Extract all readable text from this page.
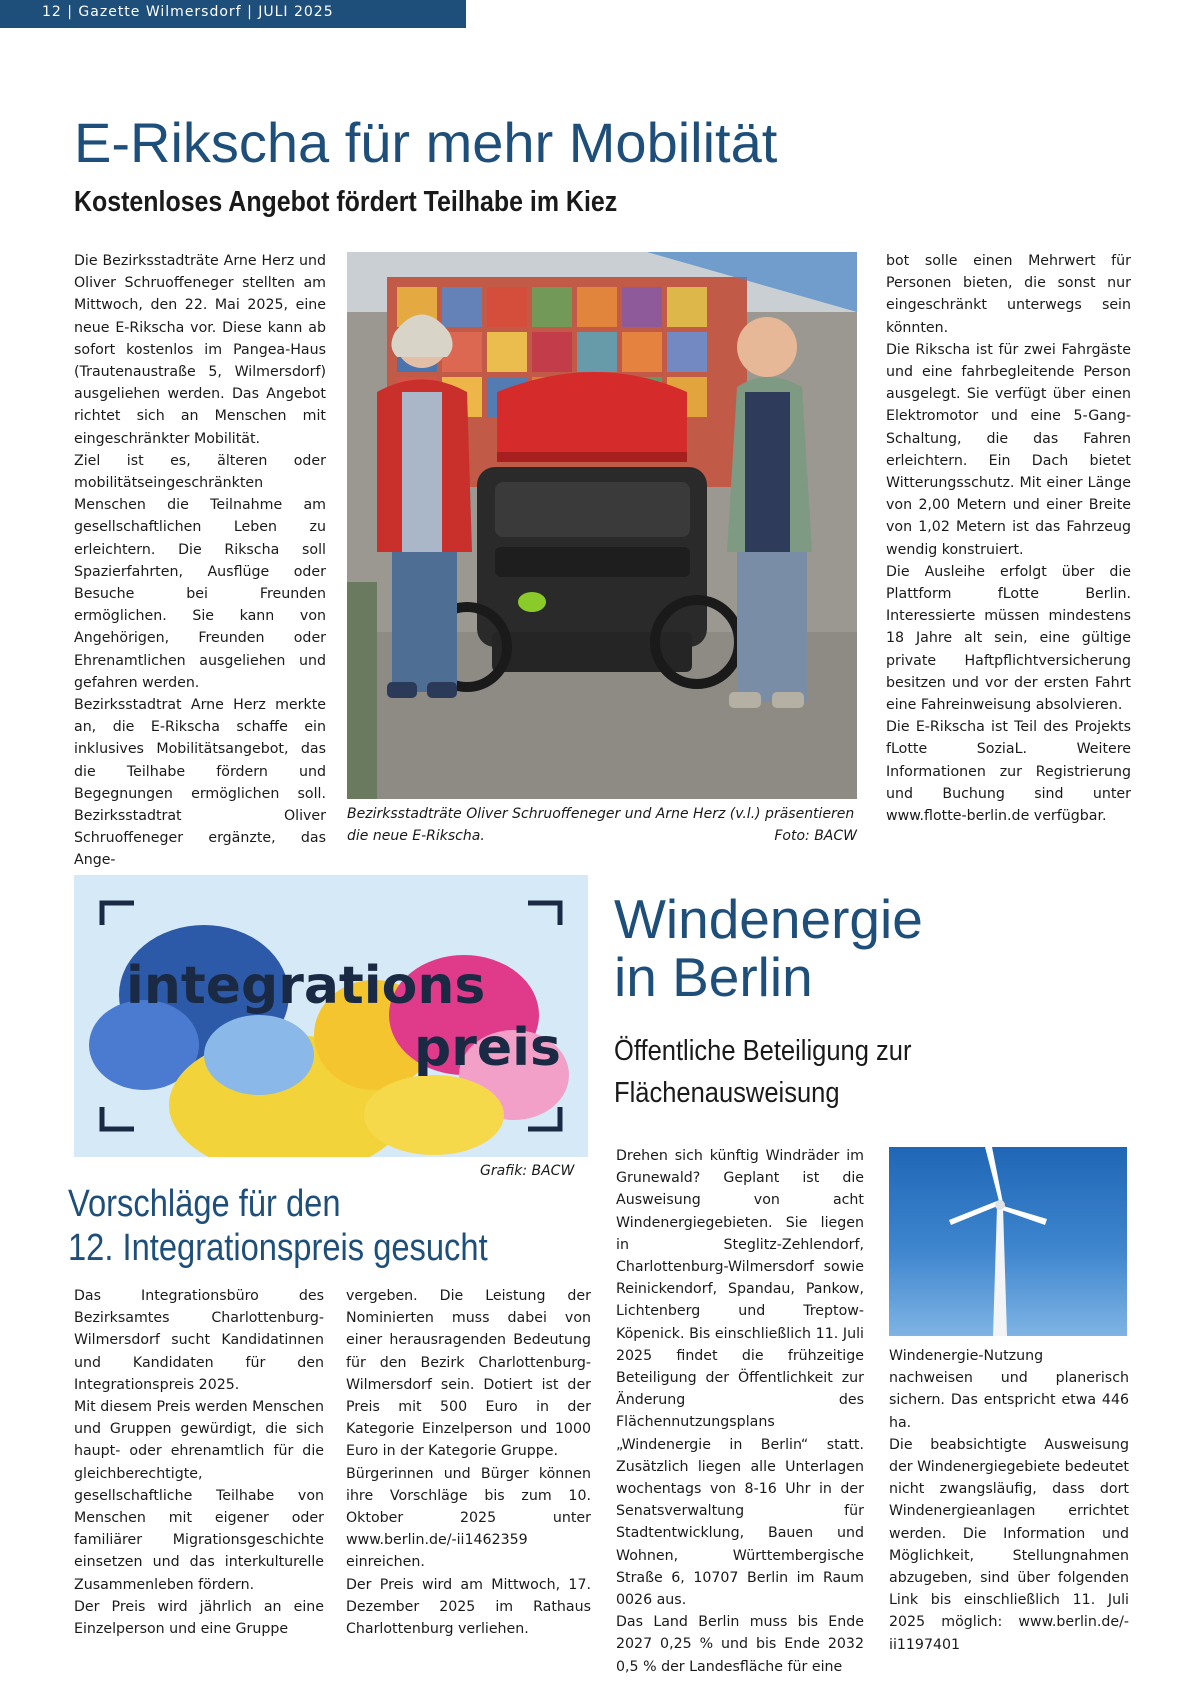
12 | Gazette Wilmersdorf | JULI 2025
E-Rikscha für mehr Mobilität
Kostenloses Angebot fördert Teilhabe im Kiez

Die Bezirksstadträte Arne Herz und Oliver Schruoffeneger stellten am Mittwoch, den 22. Mai 2025, eine neue E-Rikscha vor. Diese kann ab sofort kostenlos im Pangea-Haus (Trautenaustraße 5, Wilmersdorf) ausgeliehen werden. Das Angebot richtet sich an Menschen mit eingeschränkter Mobilität.

Ziel ist es, älteren oder mobilitätseingeschränkten Menschen die Teilnahme am gesellschaftlichen Leben zu erleichtern. Die Rikscha soll Spazierfahrten, Ausflüge oder Besuche bei Freunden ermöglichen. Sie kann von Angehörigen, Freunden oder Ehrenamtlichen ausgeliehen und gefahren werden.

Bezirksstadtrat Arne Herz merkte an, die E-Rikscha schaffe ein inklusives Mobilitätsangebot, das die Teilhabe fördern und Begegnungen ermöglichen soll. Bezirksstadtrat Oliver Schruoffeneger ergänzte, das Ange-

Bezirksstadträte Oliver Schruoffeneger und Arne Herz (v.l.) präsentieren die neue E-Rikscha.	Foto: BACW

bot solle einen Mehrwert für Personen bieten, die sonst nur eingeschränkt unterwegs sein könnten.

Die Rikscha ist für zwei Fahrgäste und eine fahrbegleitende Person ausgelegt. Sie verfügt über einen Elektromotor und eine 5-Gang-Schaltung, die das Fahren erleichtern. Ein Dach bietet Witterungsschutz. Mit einer Länge von 2,00 Metern und einer Breite von 1,02 Metern ist das Fahrzeug wendig konstruiert.

Die Ausleihe erfolgt über die Plattform fLotte Berlin. Interessierte müssen mindestens 18 Jahre alt sein, eine gültige private Haftpflichtversicherung besitzen und vor der ersten Fahrt eine Fahreinweisung absolvieren.

Die E-Rikscha ist Teil des Projekts fLotte SoziaL. Weitere Informationen zur Registrierung und Buchung sind unter www.flotte-berlin.de verfügbar.

integrations
preis
Grafik: BACW
Vorschläge für den
12. Integrationspreis gesucht

Das Integrationsbüro des Bezirksamtes Charlottenburg-Wilmersdorf sucht Kandidatinnen und Kandidaten für den Integrationspreis 2025.

Mit diesem Preis werden Menschen und Gruppen gewürdigt, die sich haupt- oder ehrenamtlich für die gleichberechtigte, gesellschaftliche Teilhabe von Menschen mit eigener oder familiärer Migrationsgeschichte einsetzen und das interkulturelle Zusammenleben fördern.

Der Preis wird jährlich an eine Einzelperson und eine Gruppe

vergeben. Die Leistung der Nominierten muss dabei von einer herausragenden Bedeutung für den Bezirk Charlottenburg-Wilmersdorf sein. Dotiert ist der Preis mit 500 Euro in der Kategorie Einzelperson und 1000 Euro in der Kategorie Gruppe.

Bürgerinnen und Bürger können ihre Vorschläge bis zum 10. Oktober 2025 unter www.berlin.de/-ii1462359 einreichen.

Der Preis wird am Mittwoch, 17. Dezember 2025 im Rathaus Charlottenburg verliehen.

Windenergie
in Berlin
Öffentliche Beteiligung zur
Flächenausweisung

Drehen sich künftig Windräder im Grunewald? Geplant ist die Ausweisung von acht Windenergiegebieten. Sie liegen in Steglitz-Zehlendorf, Charlottenburg-Wilmersdorf sowie Reinickendorf, Spandau, Pankow, Lichtenberg und Treptow-Köpenick. Bis einschließlich 11. Juli 2025 findet die frühzeitige Beteiligung der Öffentlichkeit zur Änderung des Flächennutzungsplans „Windenergie in Berlin“ statt. Zusätzlich liegen alle Unterlagen wochentags von 8-16 Uhr in der Senatsverwaltung für Stadtentwicklung, Bauen und Wohnen, Württembergische Straße 6, 10707 Berlin im Raum 0026 aus.

Das Land Berlin muss bis Ende 2027 0,25 % und bis Ende 2032 0,5 % der Landesfläche für eine

Windenergie-Nutzung nachweisen und planerisch sichern. Das entspricht etwa 446 ha.

Die beabsichtigte Ausweisung der Windenergiegebiete bedeutet nicht zwangsläufig, dass dort Windenergieanlagen errichtet werden. Die Information und Möglichkeit, Stellungnahmen abzugeben, sind über folgenden Link bis einschließlich 11. Juli 2025 möglich: www.berlin.de/-ii1197401
